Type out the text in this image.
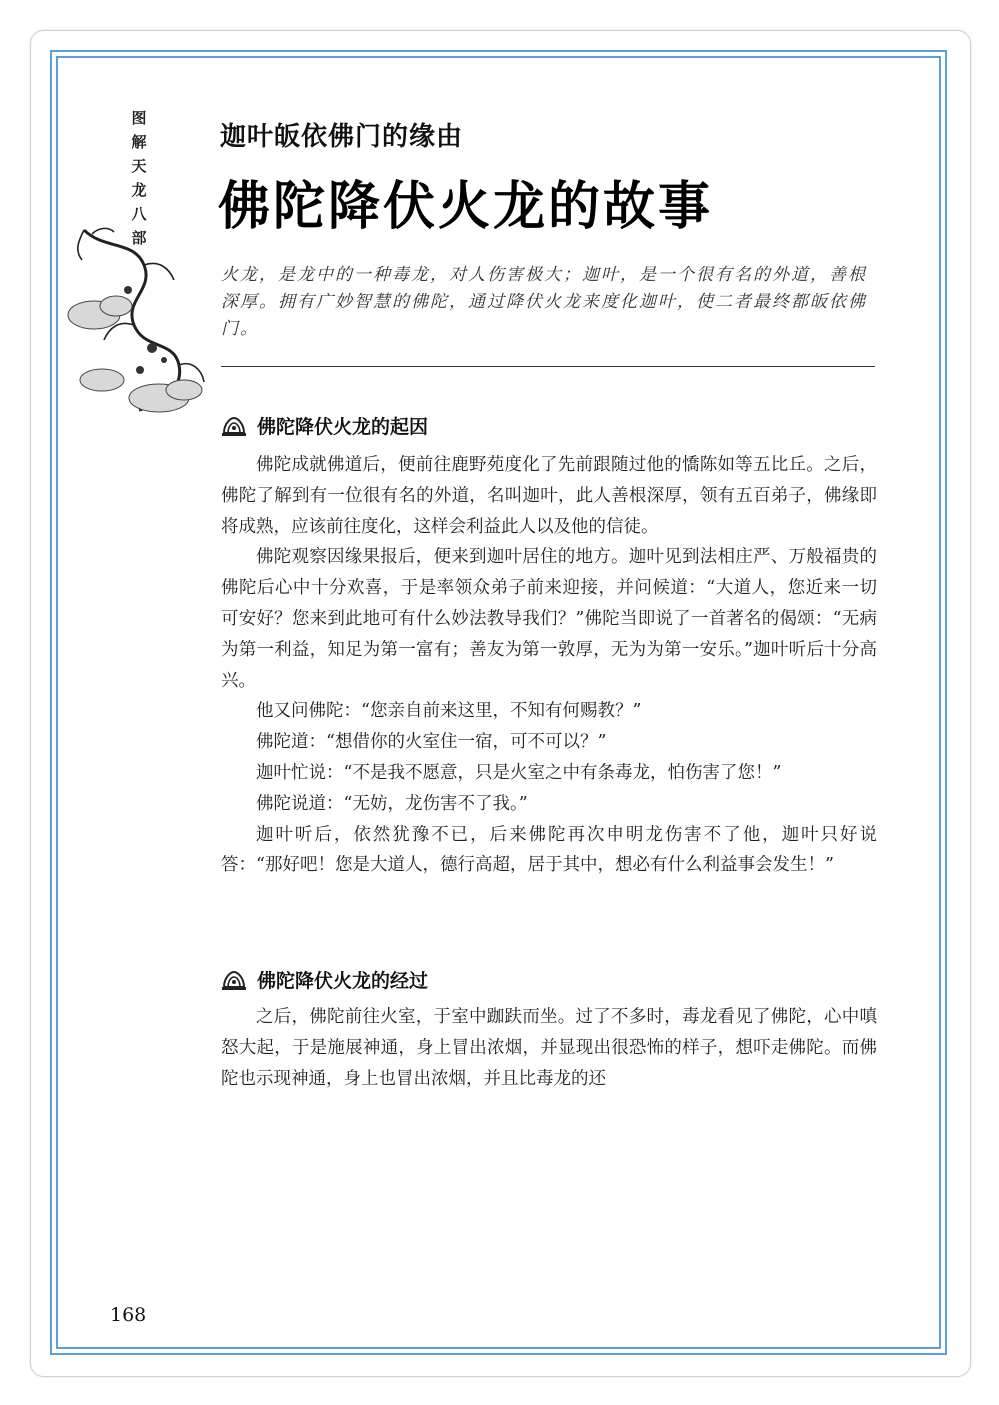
图
解
天
龙
八
部
迦叶皈依佛门的缘由
佛陀降伏火龙的故事
火龙，是龙中的一种毒龙，对人伤害极大；迦叶，是一个很有名的外道，善根深厚。拥有广妙智慧的佛陀，通过降伏火龙来度化迦叶，使二者最终都皈依佛门。
佛陀降伏火龙的起因

佛陀成就佛道后，便前往鹿野苑度化了先前跟随过他的憍陈如等五比丘。之后，佛陀了解到有一位很有名的外道，名叫迦叶，此人善根深厚，领有五百弟子，佛缘即将成熟，应该前往度化，这样会利益此人以及他的信徒。

佛陀观察因缘果报后，便来到迦叶居住的地方。迦叶见到法相庄严、万般福贵的佛陀后心中十分欢喜，于是率领众弟子前来迎接，并问候道：“大道人，您近来一切可安好？您来到此地可有什么妙法教导我们？”佛陀当即说了一首著名的偈颂：“无病为第一利益，知足为第一富有；善友为第一敦厚，无为为第一安乐。”迦叶听后十分高兴。

他又问佛陀：“您亲自前来这里，不知有何赐教？”

佛陀道：“想借你的火室住一宿，可不可以？”

迦叶忙说：“不是我不愿意，只是火室之中有条毒龙，怕伤害了您！”

佛陀说道：“无妨，龙伤害不了我。”

迦叶听后，依然犹豫不已，后来佛陀再次申明龙伤害不了他，迦叶只好说答：“那好吧！您是大道人，德行高超，居于其中，想必有什么利益事会发生！”

佛陀降伏火龙的经过

之后，佛陀前往火室，于室中跏趺而坐。过了不多时，毒龙看见了佛陀，心中嗔怒大起，于是施展神通，身上冒出浓烟，并显现出很恐怖的样子，想吓走佛陀。而佛陀也示现神通，身上也冒出浓烟，并且比毒龙的还

168
